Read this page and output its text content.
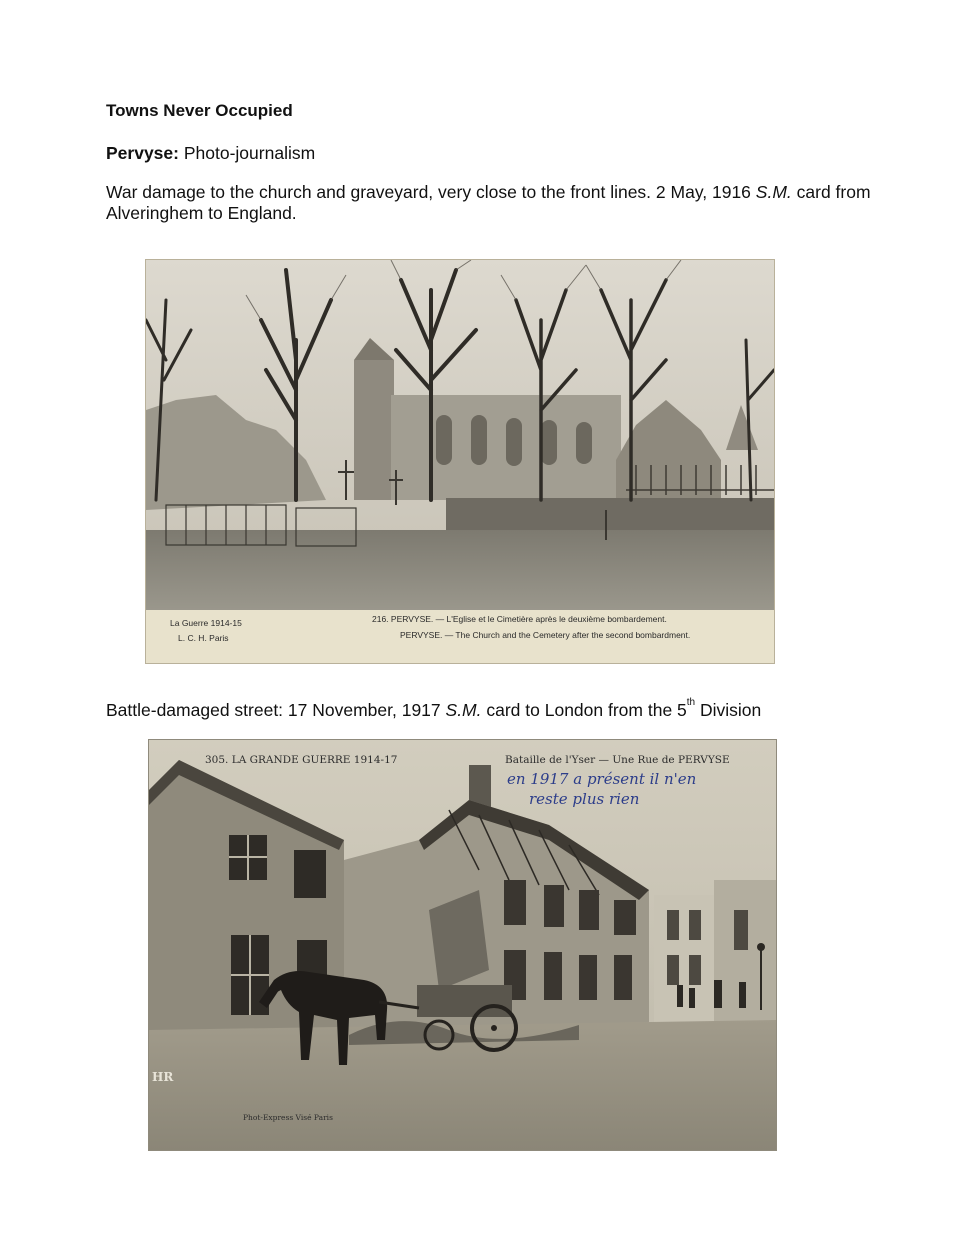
Towns Never Occupied

Pervyse: Photo-journalism

War damage to the church and graveyard, very close to the front lines. 2 May, 1916 S.M. card from Alveringhem to England.

La Guerre 1914-15
L. C. H. Paris
216. PERVYSE. — L'Eglise et le Cimetière après le deuxième bombardement.
PERVYSE. — The Church and the Cemetery after the second bombardment.

Battle-damaged street: 17 November, 1917 S.M. card to London from the 5th Division

305. LA GRANDE GUERRE 1914-17	Bataille de l'Yser — Une Rue de PERVYSE
en 1917 a présent il n'en
reste plus rien
Phot-Express Visé Paris
HR
